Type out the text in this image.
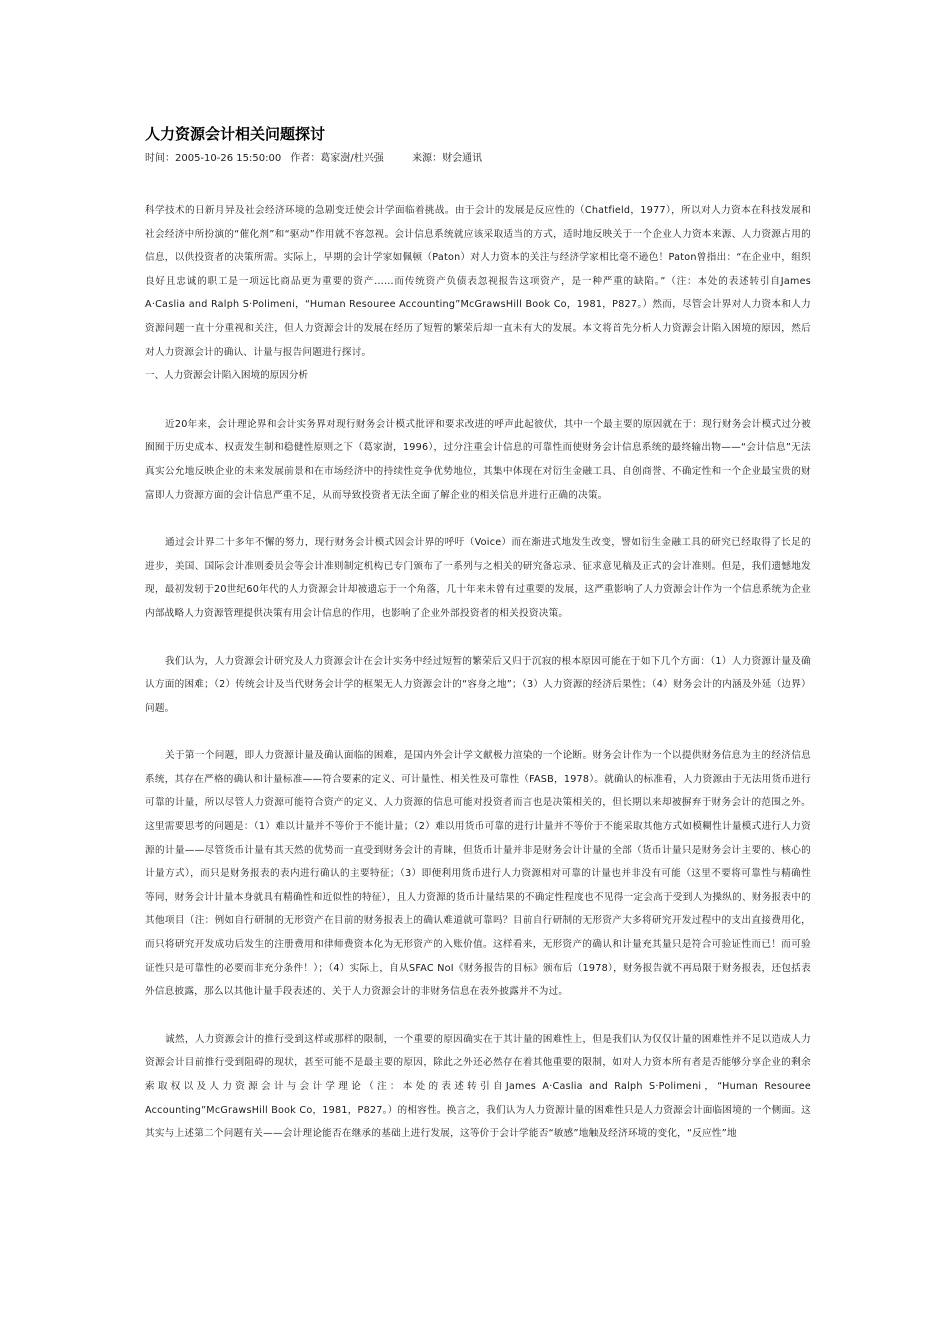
人力资源会计相关问题探讨
时间：2005-10-26 15:50:00 作者：葛家澍/杜兴强	来源：财会通讯

科学技术的日新月异及社会经济环境的急剧变迁使会计学面临着挑战。由于会计的发展是反应性的（Chatfield，1977），所以对人力资本在科技发展和社会经济中所扮演的“催化剂”和“驱动”作用就不容忽视。会计信息系统就应该采取适当的方式，适时地反映关于一个企业人力资本来源、人力资源占用的信息，以供投资者的决策所需。实际上，早期的会计学家如佩顿（Paton）对人力资本的关注与经济学家相比毫不逊色！Paton曾指出：“在企业中，组织良好且忠诚的职工是一项远比商品更为重要的资产……而传统资产负债表忽视报告这项资产，是一种严重的缺陷。”（注：本处的表述转引自James A·Caslia and Ralph S·Polimeni，“Human Resouree Accounting”McGrawsHill Book Co，1981，P827。）然而，尽管会计界对人力资本和人力资源问题一直十分重视和关注，但人力资源会计的发展在经历了短暂的繁荣后却一直未有大的发展。本文将首先分析人力资源会计陷入困境的原因，然后对人力资源会计的确认、计量与报告问题进行探讨。

一、人力资源会计陷入困境的原因分析

近20年来，会计理论界和会计实务界对现行财务会计模式批评和要求改进的呼声此起彼伏，其中一个最主要的原因就在于：现行财务会计模式过分被囿囿于历史成本、权责发生制和稳健性原则之下（葛家澍，1996），过分注重会计信息的可靠性而使财务会计信息系统的最终输出物——“会计信息”无法真实公允地反映企业的未来发展前景和在市场经济中的持续性竞争优势地位，其集中体现在对衍生金融工具、自创商誉、不确定性和一个企业最宝贵的财富即人力资源方面的会计信息严重不足，从而导致投资者无法全面了解企业的相关信息并进行正确的决策。

通过会计界二十多年不懈的努力，现行财务会计模式因会计界的呼吁（Voice）而在渐进式地发生改变，譬如衍生金融工具的研究已经取得了长足的进步，美国、国际会计准则委员会等会计准则制定机构已专门颁布了一系列与之相关的研究备忘录、征求意见稿及正式的会计准则。但是，我们遗憾地发现，最初发轫于20世纪60年代的人力资源会计却被遗忘于一个角落，几十年来未曾有过重要的发展，这严重影响了人力资源会计作为一个信息系统为企业内部战略人力资源管理提供决策有用会计信息的作用，也影响了企业外部投资者的相关投资决策。

我们认为，人力资源会计研究及人力资源会计在会计实务中经过短暂的繁荣后又归于沉寂的根本原因可能在于如下几个方面：（1）人力资源计量及确认方面的困难；（2）传统会计及当代财务会计学的框架无人力资源会计的“容身之地”；（3）人力资源的经济后果性；（4）财务会计的内涵及外延（边界）问题。

关于第一个问题，即人力资源计量及确认面临的困难，是国内外会计学文献极力渲染的一个论断。财务会计作为一个以提供财务信息为主的经济信息系统，其存在严格的确认和计量标准——符合要素的定义、可计量性、相关性及可靠性（FASB，1978）。就确认的标准看，人力资源由于无法用货币进行可靠的计量，所以尽管人力资源可能符合资产的定义、人力资源的信息可能对投资者而言也是决策相关的，但长期以来却被摒弃于财务会计的范围之外。这里需要思考的问题是：（1）难以计量并不等价于不能计量；（2）难以用货币可靠的进行计量并不等价于不能采取其他方式如模糊性计量模式进行人力资源的计量——尽管货币计量有其天然的优势而一直受到财务会计的青睐，但货币计量并非是财务会计计量的全部（货币计量只是财务会计主要的、核心的计量方式），而只是财务报表的表内进行确认的主要特征；（3）即便利用货币进行人力资源相对可靠的计量也并非没有可能（这里不要将可靠性与精确性等同，财务会计计量本身就具有精确性和近似性的特征），且人力资源的货币计量结果的不确定性程度也不见得一定会高于受到人为操纵的、财务报表中的其他项目（注：例如自行研制的无形资产在目前的财务报表上的确认难道就可靠吗？目前自行研制的无形资产大多将研究开发过程中的支出直接费用化，而只将研究开发成功后发生的注册费用和律师费资本化为无形资产的入账价值。这样看来，无形资产的确认和计量充其量只是符合可验证性而已！而可验证性只是可靠性的必要而非充分条件！）；（4）实际上，自从SFAC NoI《财务报告的目标》颁布后（1978），财务报告就不再局限于财务报表，还包括表外信息披露，那么以其他计量手段表述的、关于人力资源会计的非财务信息在表外披露并不为过。

诚然，人力资源会计的推行受到这样或那样的限制，一个重要的原因确实在于其计量的困难性上，但是我们认为仅仅计量的困难性并不足以造成人力资源会计目前推行受到阻碍的现状，甚至可能不是最主要的原因，除此之外还必然存在着其他重要的限制，如对人力资本所有者是否能够分享企业的剩余索取权以及人力资源会计与会计学理论（注：本处的表述转引自James A·Caslia and Ralph S·Polimeni，“Human Resouree Accounting”McGrawsHill Book Co，1981，P827。）的相容性。换言之，我们认为人力资源计量的困难性只是人力资源会计面临困境的一个侧面。这其实与上述第二个问题有关——会计理论能否在继承的基础上进行发展，这等价于会计学能否“敏感”地触及经济环境的变化，“反应性”地
